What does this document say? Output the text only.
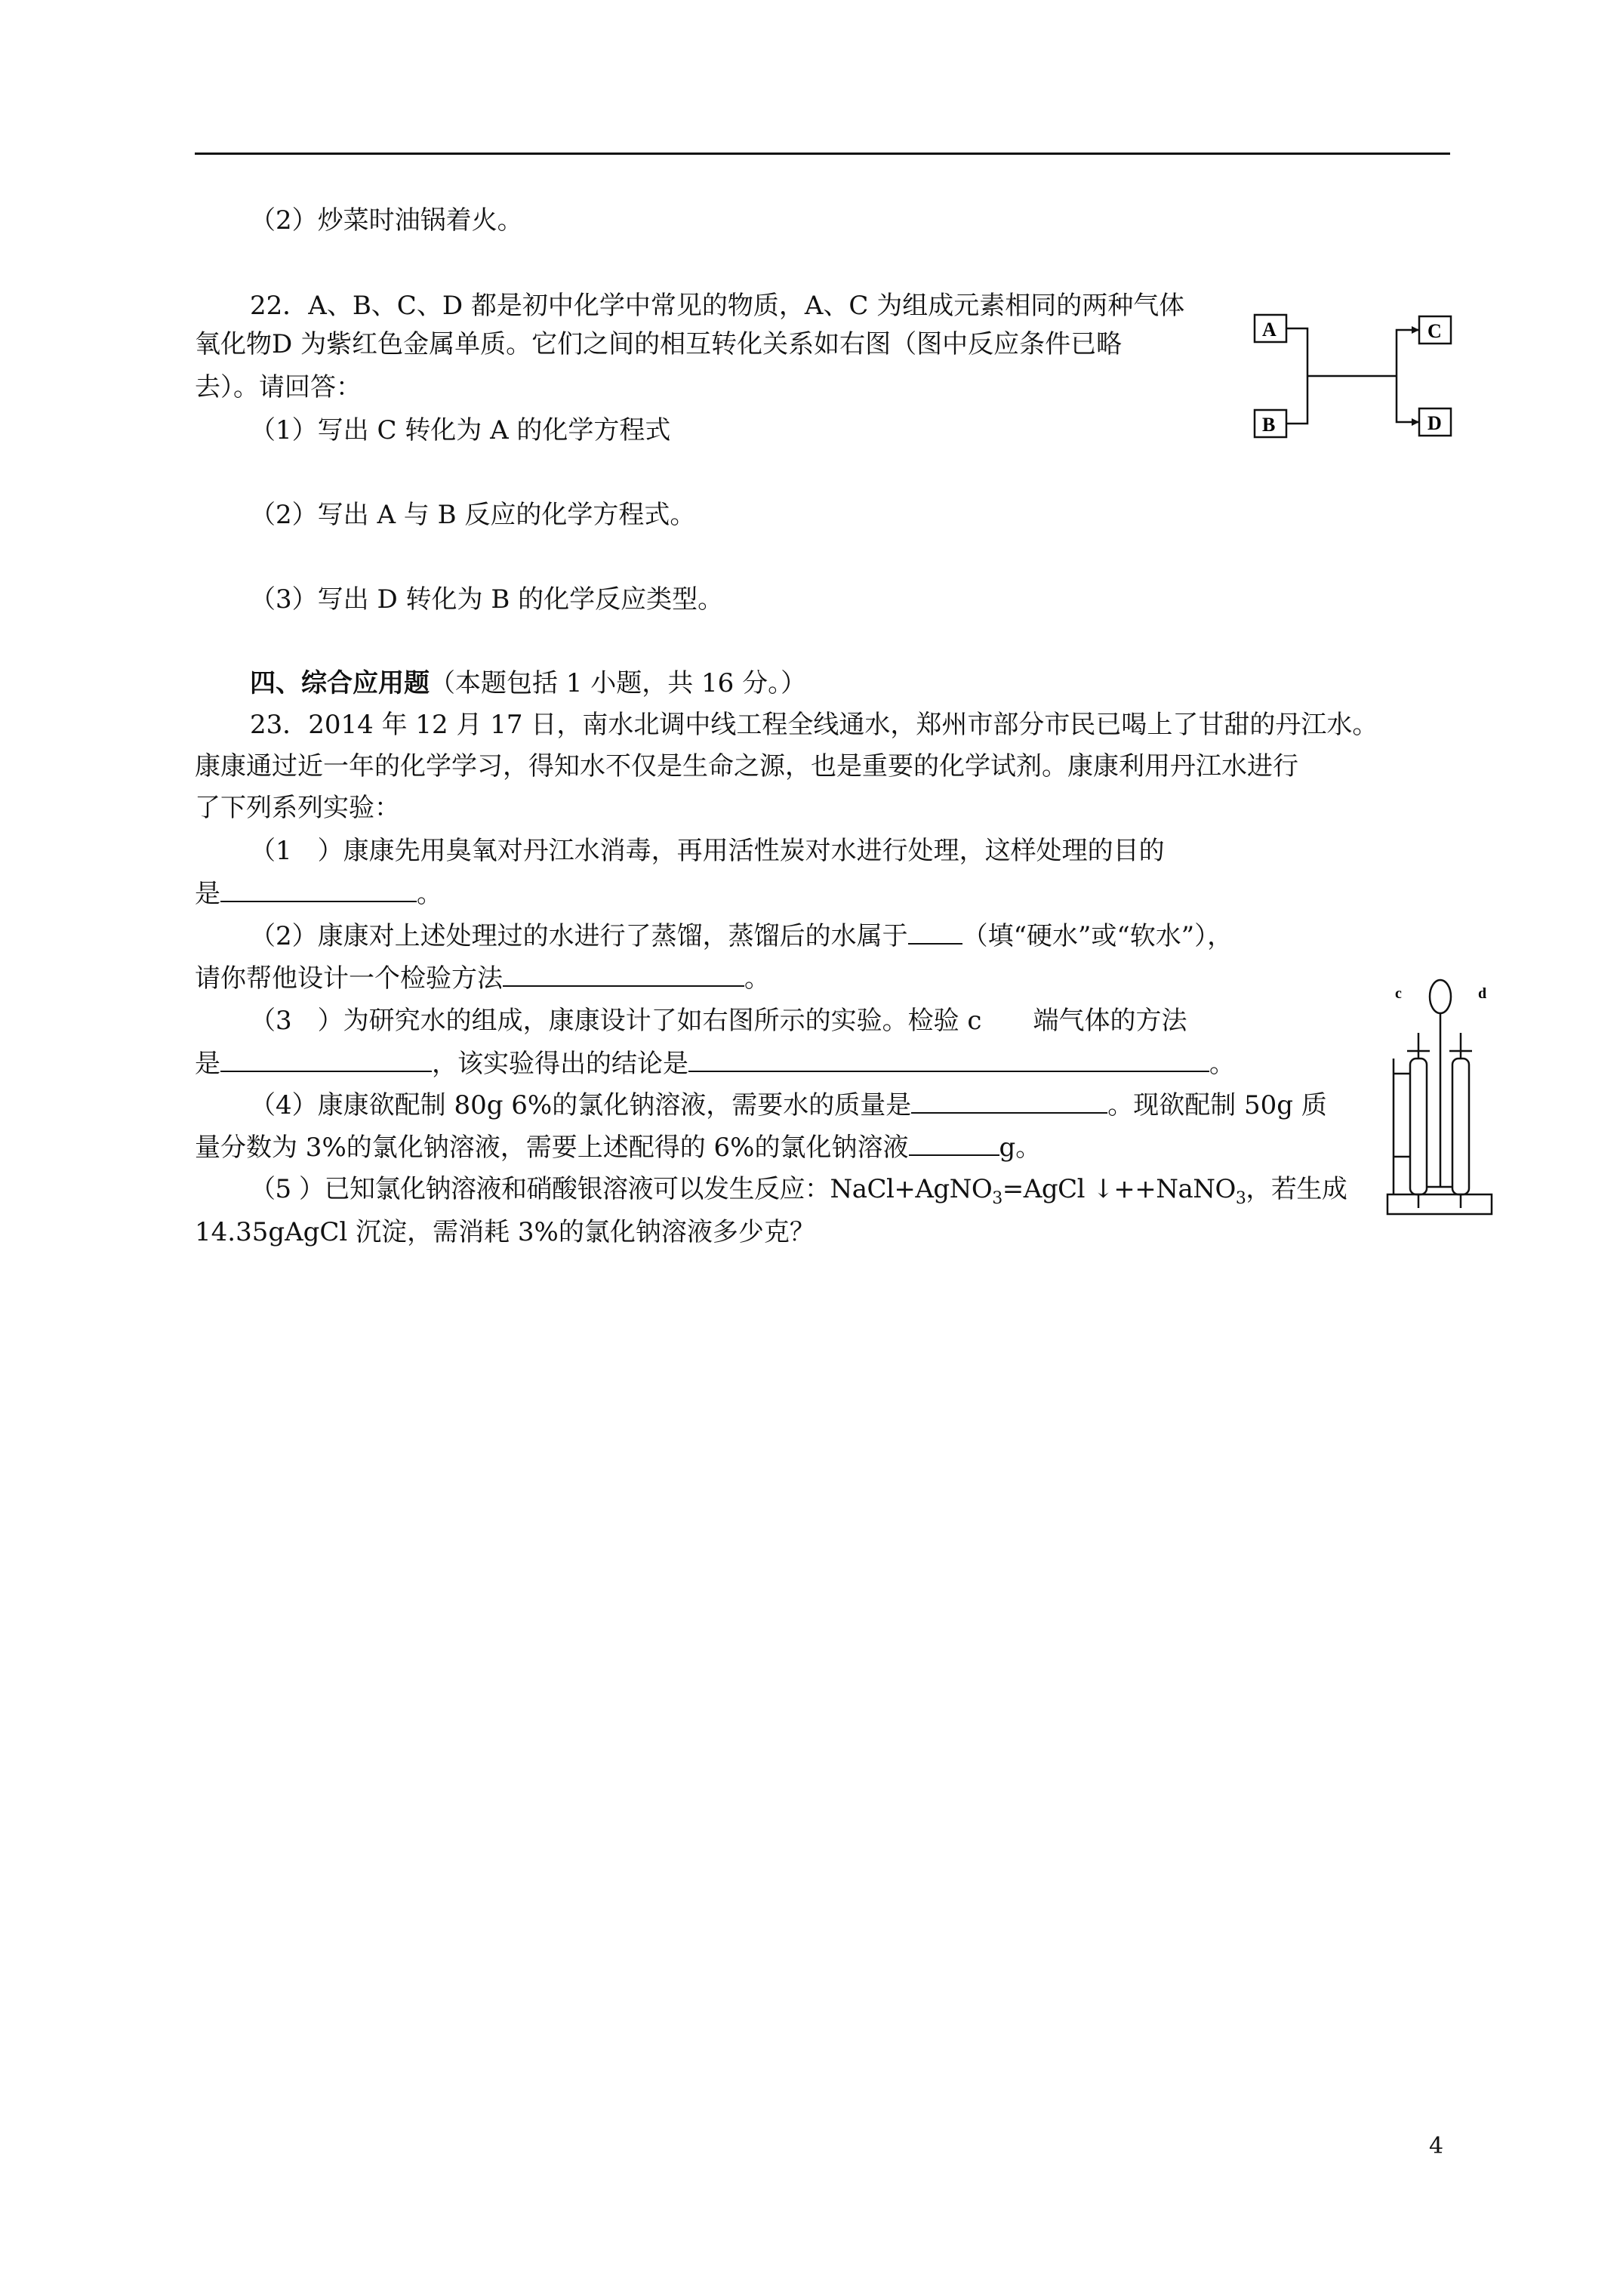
（2）炒菜时油锅着火。
22．A、B、C、D 都是初中化学中常见的物质，A、C 为组成元素相同的两种气体
氧化物D 为紫红色金属单质。它们之间的相互转化关系如右图（图中反应条件已略
去）。请回答：
（1）写出 C 转化为 A 的化学方程式
（2）写出 A 与 B 反应的化学方程式。
（3）写出 D 转化为 B 的化学反应类型。
A
B
C
D
四、综合应用题（本题包括 1 小题，共 16 分。）
23．2014 年 12 月 17 日，南水北调中线工程全线通水，郑州市部分市民已喝上了甘甜的丹江水。
康康通过近一年的化学学习，得知水不仅是生命之源，也是重要的化学试剂。康康利用丹江水进行
了下列系列实验：
（1　）康康先用臭氧对丹江水消毒，再用活性炭对水进行处理，这样处理的目的
是	。
（2）康康对上述处理过的水进行了蒸馏，蒸馏后的水属于 （填“硬水”或“软水”），
请你帮他设计一个检验方法	。
（3　）为研究水的组成，康康设计了如右图所示的实验。检验 c　　端气体的方法
是	，该实验得出的结论是	。
（4）康康欲配制 80g 6%的氯化钠溶液，需要水的质量是	。现欲配制 50g 质
量分数为 3%的氯化钠溶液，需要上述配得的 6%的氯化钠溶液	g。
（5 ）已知氯化钠溶液和硝酸银溶液可以发生反应：NaCl+AgNO$_3$=AgCl ↓++NaNO$_3$，若生成
14.35gAgCl 沉淀，需消耗 3%的氯化钠溶液多少克？
c	d
4
